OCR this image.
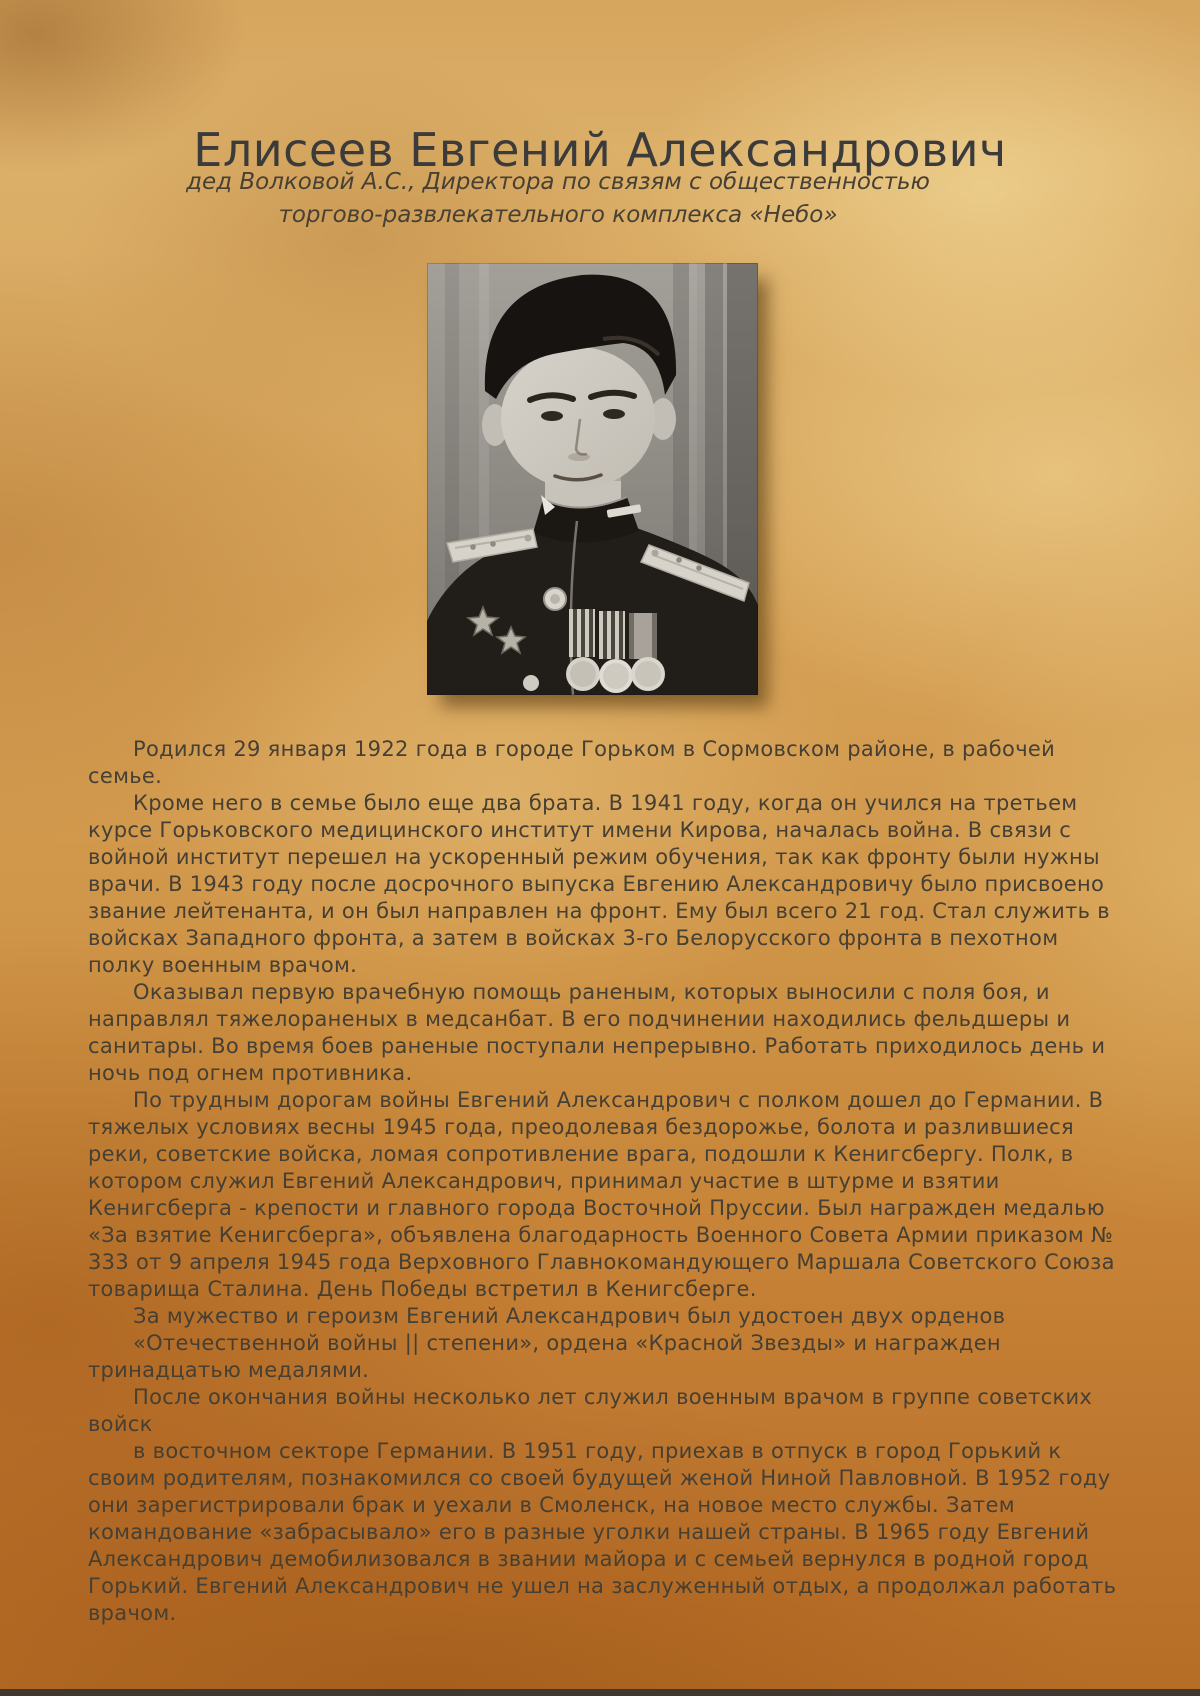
Елисеев Евгений Александрович
дед Волковой А.С., Директора по связям с общественностью
торгово-развлекательного комплекса «Небо»

Родился 29 января 1922 года в городе Горьком в Сормовском районе, в рабочей семье.

Кроме него в семье было еще два брата. В 1941 году, когда он учился на третьем курсе Горьковского медицинского институт имени Кирова, началась война. В связи с войной институт перешел на ускоренный режим обучения, так как фронту были нужны врачи. В 1943 году после досрочного выпуска Евгению Александровичу было присвоено звание лейтенанта, и он был направлен на фронт. Ему был всего 21 год. Стал служить в войсках Западного фронта, а затем в войсках 3-го Белорусского фронта в пехотном полку военным врачом.

Оказывал первую врачебную помощь раненым, которых выносили с поля боя, и направлял тяжелораненых в медсанбат. В его подчинении находились фельдшеры и санитары. Во время боев раненые поступали непрерывно. Работать приходилось день и ночь под огнем противника.

По трудным дорогам войны Евгений Александрович с полком дошел до Германии. В тяжелых условиях весны 1945 года, преодолевая бездорожье, болота и разлившиеся реки, советские войска, ломая сопротивление врага, подошли к Кенигсбергу. Полк, в котором служил Евгений Александрович, принимал участие в штурме и взятии Кенигсберга - крепости и главного города Восточной Пруссии. Был награжден медалью «За взятие Кенигсберга», объявлена благодарность Военного Совета Армии приказом № 333 от 9 апреля 1945 года Верховного Главнокомандующего Маршала Советского Союза товарища Сталина. День Победы встретил в Кенигсберге.

За мужество и героизм Евгений Александрович был удостоен двух орденов

«Отечественной войны || степени», ордена «Красной Звезды» и награжден тринадцатью медалями.

После окончания войны несколько лет служил военным врачом в группе советских

войск

в восточном секторе Германии. В 1951 году, приехав в отпуск в город Горький к своим родителям, познакомился со своей будущей женой Ниной Павловной. В 1952 году они зарегистрировали брак и уехали в Смоленск, на новое место службы. Затем командование «забрасывало» его в разные уголки нашей страны. В 1965 году Евгений Александрович демобилизовался в звании майора и с семьей вернулся в родной город Горький. Евгений Александрович не ушел на заслуженный отдых, а продолжал работать врачом.
